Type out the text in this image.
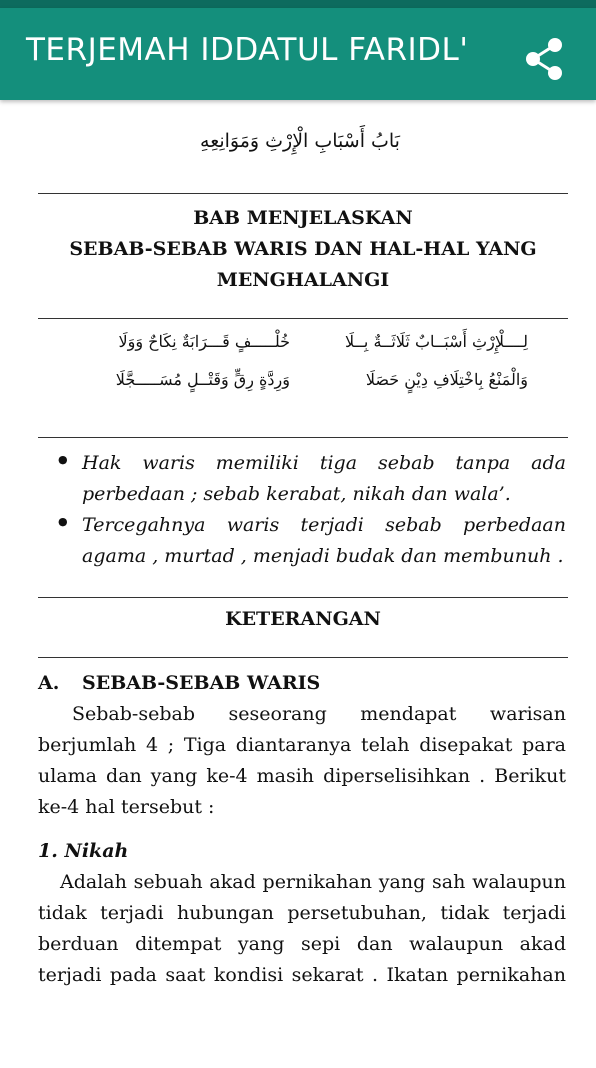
TERJEMAH IDDATUL FARIDL'
بَابُ أَسْبَابِ الْإِرْثِ وَمَوَانِعِهِ
BAB MENJELASKAN
SEBAB-SEBAB WARIS DAN HAL-HAL YANG
MENGHALANGI
لِــــلْإِرْثِ أَسْبَــابٌ ثَلَاثَــةٌ بِــلَا
خُلْـــــفٍ قَـــرَابَةٌ نِكَاحٌ وَوَلَا
وَالْمَنْعُ بِاخْتِلَافِ دِيْنٍ حَصَلَا
وَرِدَّةٍ رِقٍّ وَقَتْــلٍ مُسَـــــجَّلَا
● Hak waris memiliki tiga sebab tanpa ada
perbedaan ; sebab kerabat, nikah dan wala’.
● Tercegahnya waris terjadi sebab perbedaan
agama , murtad , menjadi budak dan membunuh .
KETERANGAN
A. SEBAB-SEBAB WARIS
Sebab-sebab seseorang mendapat warisan
berjumlah 4 ; Tiga diantaranya telah disepakat para
ulama dan yang ke-4 masih diperselisihkan . Berikut
ke-4 hal tersebut :
1. Nikah
Adalah sebuah akad pernikahan yang sah walaupun
tidak terjadi hubungan persetubuhan, tidak terjadi
berduan ditempat yang sepi dan walaupun akad
terjadi pada saat kondisi sekarat . Ikatan pernikahan
